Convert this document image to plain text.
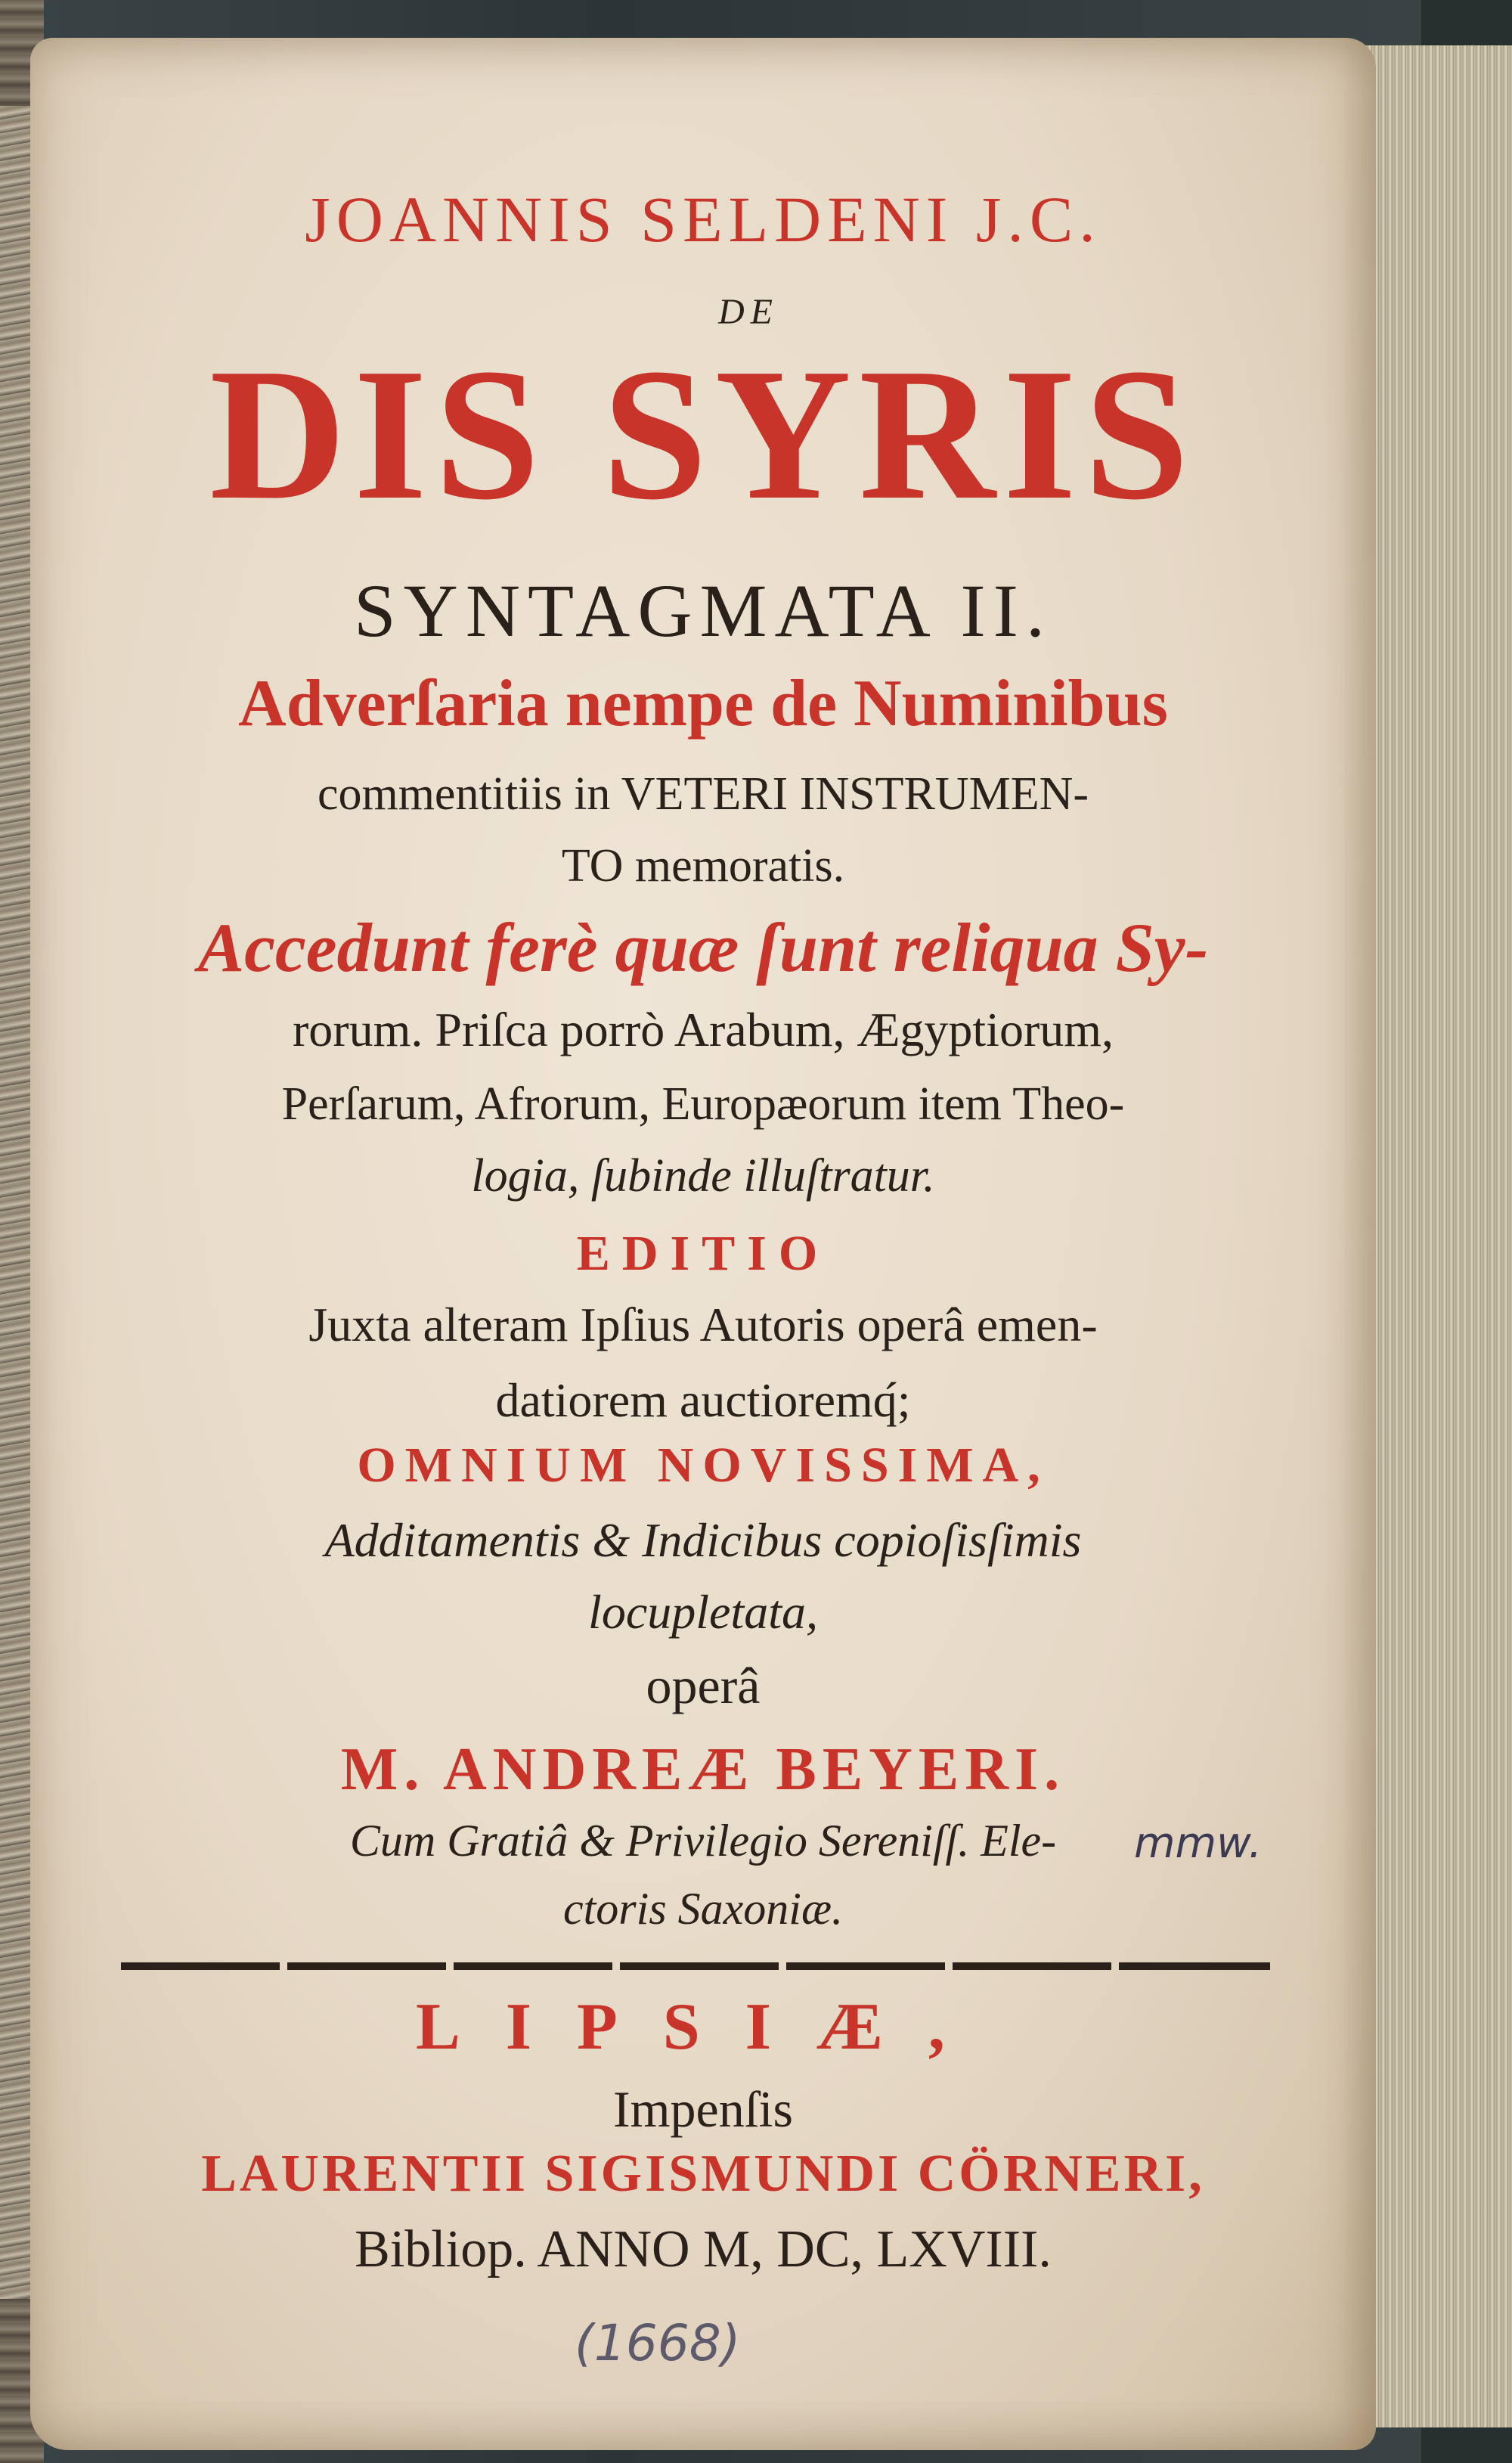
JOANNIS SELDENI J.C.
DE
DIS SYRIS
SYNTAGMATA II.
Adverſaria nempe de Numinibus
commentitiis in VETERI INSTRUMEN-
TO memoratis.
Accedunt ferè quæ ſunt reliqua Sy-
rorum. Priſca porrò Arabum, Ægyptiorum,
Perſarum, Afrorum, Europæorum item Theo-
logia, ſubinde illuſtratur.
EDITIO
Juxta alteram Ipſius Autoris operâ emen-
datiorem auctioremq́;
OMNIUM NOVISSIMA,
Additamentis & Indicibus copioſisſimis
locupletata,
operâ
M. ANDREÆ BEYERI.
Cum Gratiâ & Privilegio Sereniſſ. Ele-	mmw.
ctoris Saxoniæ.
LIPSIÆ,
Impenſis
LAURENTII SIGISMUNDI CÖRNERI,
Bibliop. ANNO M, DC, LXVIII.
(1668)
